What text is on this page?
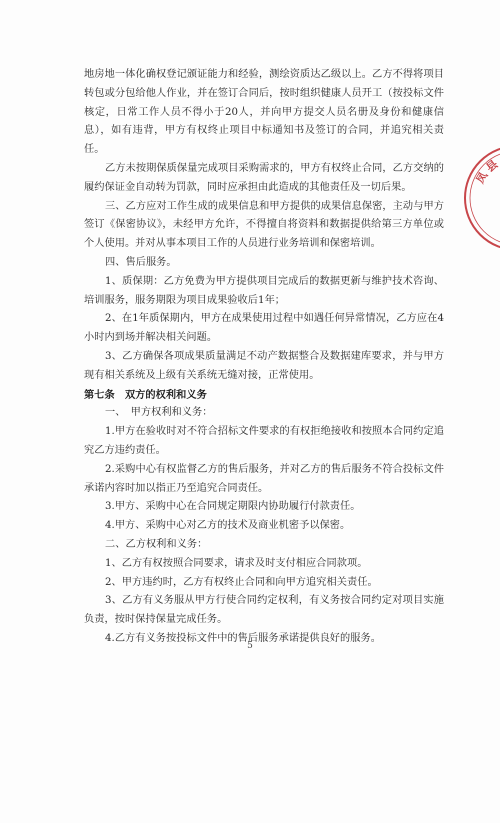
地房地一体化确权登记颁证能力和经验，测绘资质达乙级以上。乙方不得将项目转包或分包给他人作业，并在签订合同后，按时组织健康人员开工（按投标文件核定，日常工作人员不得小于20人，并向甲方提交人员名册及身份和健康信息），如有违背，甲方有权终止项目中标通知书及签订的合同，并追究相关责任。

乙方未按期保质保量完成项目采购需求的，甲方有权终止合同，乙方交纳的履约保证金自动转为罚款，同时应承担由此造成的其他责任及一切后果。

三、乙方应对工作生成的成果信息和甲方提供的成果信息保密，主动与甲方签订《保密协议》，未经甲方允许，不得擅自将资料和数据提供给第三方单位或个人使用。并对从事本项目工作的人员进行业务培训和保密培训。

四、售后服务。

1、质保期：乙方免费为甲方提供项目完成后的数据更新与维护技术咨询、培训服务，服务期限为项目成果验收后1年；

2、在1年质保期内，甲方在成果使用过程中如遇任何异常情况，乙方应在4小时内到场并解决相关问题。

3、乙方确保各项成果质量满足不动产数据整合及数据建库要求，并与甲方现有相关系统及上级有关系统无缝对接，正常使用。

第七条　双方的权利和义务

一、　甲方权利和义务：

1.甲方在验收时对不符合招标文件要求的有权拒绝接收和按照本合同约定追究乙方违约责任。

2.采购中心有权监督乙方的售后服务，并对乙方的售后服务不符合投标文件承诺内容时加以指正乃至追究合同责任。

3.甲方、采购中心在合同规定期限内协助履行付款责任。

4.甲方、采购中心对乙方的技术及商业机密予以保密。

二、乙方权利和义务：

1、乙方有权按照合同要求，请求及时支付相应合同款项。

2、甲方违约时，乙方有权终止合同和向甲方追究相关责任。

3、乙方有义务服从甲方行使合同约定权利，有义务按合同约定对项目实施负责，按时保持保量完成任务。

4.乙方有义务按投标文件中的售后服务承诺提供良好的服务。

5
凤
县
